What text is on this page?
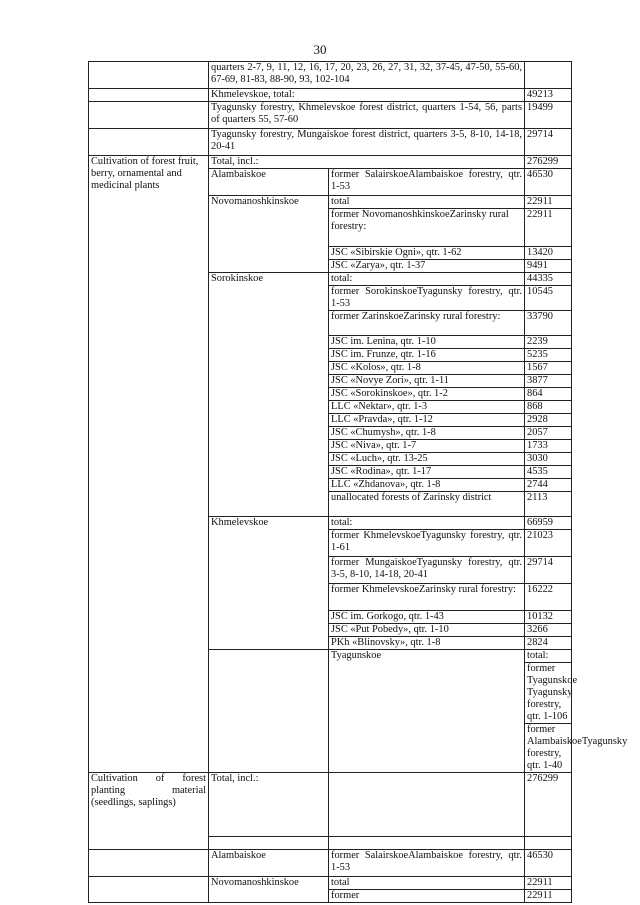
30
	quarters 2-7, 9, 11, 12, 16, 17, 20, 23, 26, 27, 31, 32, 37-45, 47-50, 55-60, 67-69, 81-83, 88-90, 93, 102-104			
	Khmelevskoe, total:		49213	
	Tyagunsky forestry, Khmelevskoe forest district, quarters 1-54, 56, parts of quarters 55, 57-60		19499	
	Tyagunsky forestry, Mungaiskoe forest district, quarters 3-5, 8-10, 14-18, 20-41		29714	
Cultivation of forest fruit, berry, ornamental and medicinal plants	Total, incl.:		276299	
	Alambaiskoe	former SalairskoeAlambaiskoe forestry, qtr. 1-53	46530	
	Novomanoshkinskoe	total	22911	
		former NovomanoshkinskoeZarinsky rural forestry:	22911	
		JSC «Sibirskie Ogni», qtr. 1-62	13420	
		JSC «Zarya», qtr. 1-37	9491	
	Sorokinskoe	total:	44335	
		former SorokinskoeTyagunsky forestry, qtr. 1-53	10545	
		former ZarinskoeZarinsky rural forestry:	33790	
		JSC im. Lenina, qtr. 1-10	2239	
		JSC im. Frunze, qtr. 1-16	5235	
		JSC «Kolos», qtr. 1-8	1567	
		JSC «Novye Zori», qtr. 1-11	3877	
		JSC «Sorokinskoe», qtr. 1-2	864	
		LLC «Nektar», qtr. 1-3	868	
		LLC «Pravda», qtr. 1-12	2928	
		JSC «Chumysh», qtr. 1-8	2057	
		JSC «Niva», qtr. 1-7	1733	
		JSC «Luch», qtr. 13-25	3030	
		JSC «Rodina», qtr. 1-17	4535	
		LLC «Zhdanova», qtr. 1-8	2744	
		unallocated forests of Zarinsky district	2113	
	Khmelevskoe	total:	66959	
		former KhmelevskoeTyagunsky forestry, qtr. 1-61	21023	
		former MungaiskoeTyagunsky forestry, qtr. 3-5, 8-10, 14-18, 20-41	29714	
		former KhmelevskoeZarinsky rural forestry:	16222	
		JSC im. Gorkogo, qtr. 1-43	10132	
		JSC «Put Pobedy», qtr. 1-10	3266	
		PKh «Blinovsky», qtr. 1-8	2824	
		Tyagunskoe	total:	
			former Tyagunskoe Tyagunsky forestry, qtr. 1-106	
			former AlambaiskoeTyagunsky forestry, qtr. 1-40	
Cultivation of forest planting material (seedlings, saplings)	Total, incl.:		276299	

	Alambaiskoe	former SalairskoeAlambaiskoe forestry, qtr. 1-53	46530	
	Novomanoshkinskoe	total	22911	
		former	22911	
